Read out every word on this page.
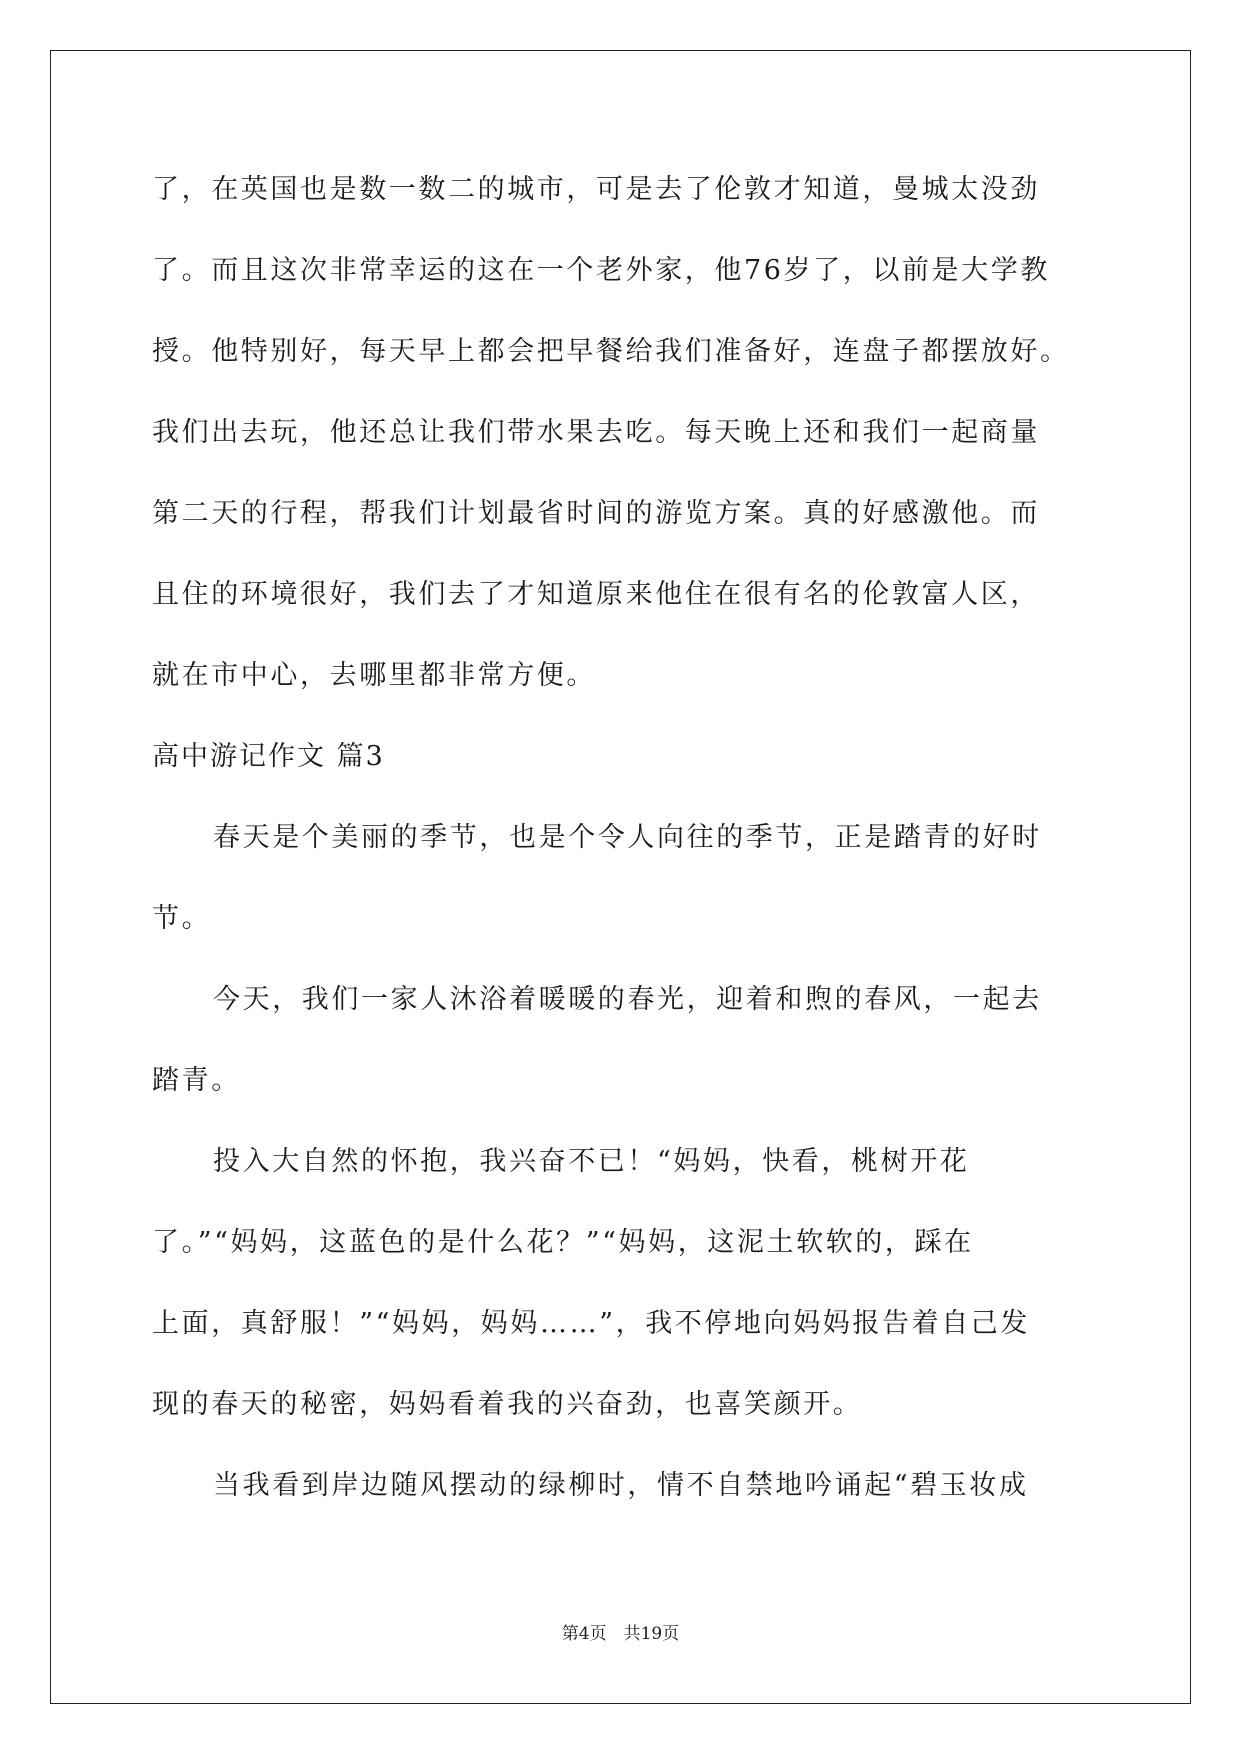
了，在英国也是数一数二的城市，可是去了伦敦才知道，曼城太没劲
了。而且这次非常幸运的这在一个老外家，他76岁了，以前是大学教
授。他特别好，每天早上都会把早餐给我们准备好，连盘子都摆放好。
我们出去玩，他还总让我们带水果去吃。每天晚上还和我们一起商量
第二天的行程，帮我们计划最省时间的游览方案。真的好感激他。而
且住的环境很好，我们去了才知道原来他住在很有名的伦敦富人区，
就在市中心，去哪里都非常方便。
高中游记作文 篇3
春天是个美丽的季节，也是个令人向往的季节，正是踏青的好时
节。
今天，我们一家人沐浴着暖暖的春光，迎着和煦的春风，一起去
踏青。
投入大自然的怀抱，我兴奋不已！“妈妈，快看，桃树开花
了。”“妈妈，这蓝色的是什么花？”“妈妈，这泥土软软的，踩在
上面，真舒服！”“妈妈，妈妈……”，我不停地向妈妈报告着自己发
现的春天的秘密，妈妈看着我的兴奋劲，也喜笑颜开。
当我看到岸边随风摆动的绿柳时，情不自禁地吟诵起“碧玉妆成
第4页　共19页
